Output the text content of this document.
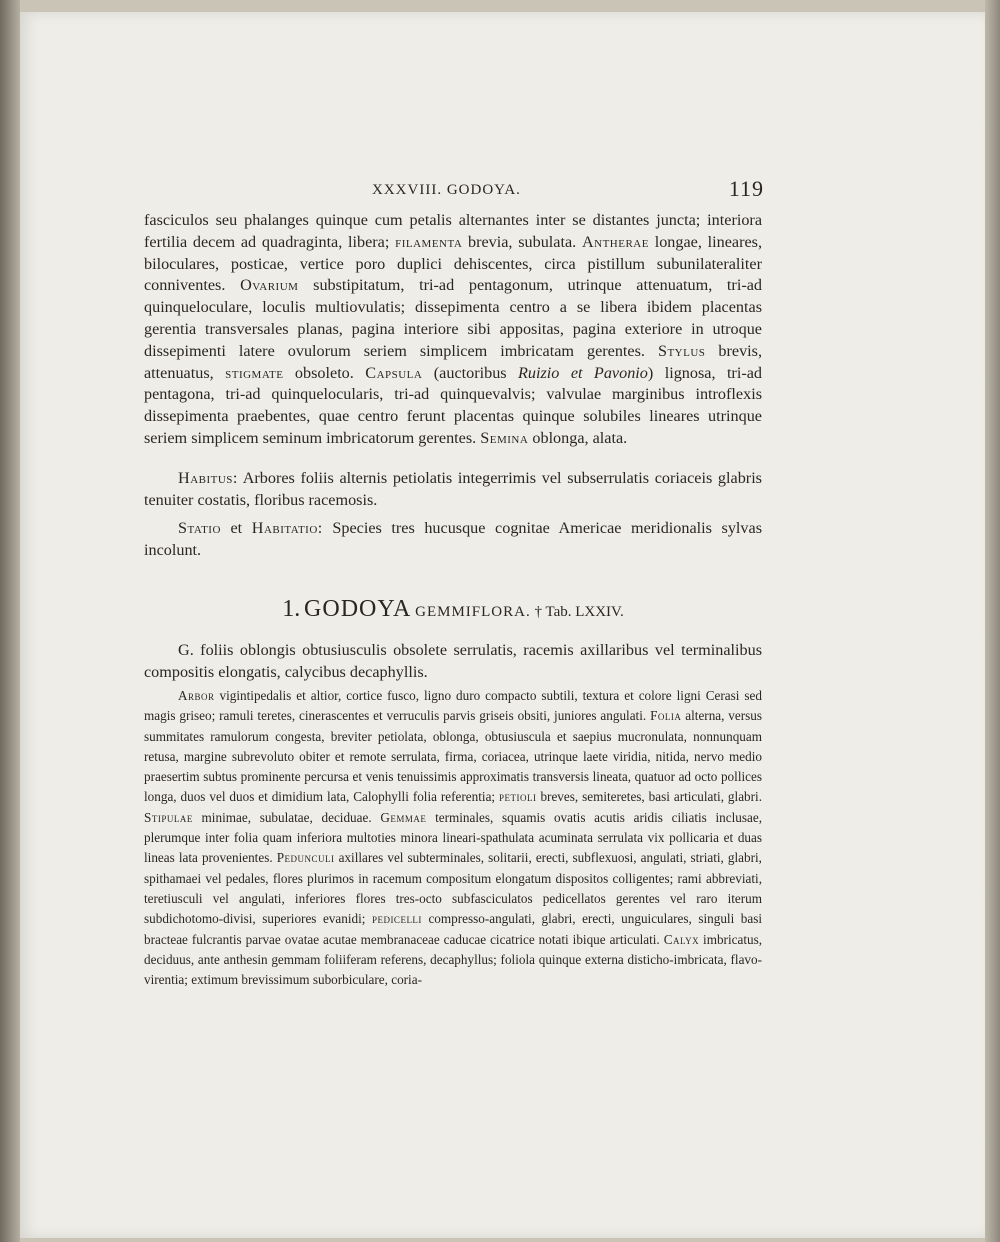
XXXVIII. GODOYA.	119
fasciculos seu phalanges quinque cum petalis alternantes inter se distantes juncta; interiora fertilia decem ad quadraginta, libera; filamenta brevia, subulata. Antherae longae, lineares, biloculares, posticae, vertice poro duplici dehiscentes, circa pistillum subunilateraliter conniventes. Ovarium substipitatum, tri-ad pentagonum, utrinque attenuatum, tri-ad quinqueloculare, loculis multiovulatis; dissepimenta centro a se libera ibidem placentas gerentia transversales planas, pagina interiore sibi appositas, pagina exteriore in utroque dissepimenti latere ovulorum seriem simplicem imbricatam gerentes. Stylus brevis, attenuatus, stigmate obsoleto. Capsula (auctoribus Ruizio et Pavonio) lignosa, tri-ad pentagona, tri-ad quinquelocularis, tri-ad quinquevalvis; valvulae marginibus introflexis dissepimenta praebentes, quae centro ferunt placentas quinque solubiles lineares utrinque seriem simplicem seminum imbricatorum gerentes. Semina oblonga, alata.
Habitus: Arbores foliis alternis petiolatis integerrimis vel subserrulatis coriaceis glabris tenuiter costatis, floribus racemosis.
Statio et Habitatio: Species tres hucusque cognitae Americae meridionalis sylvas incolunt.
1. GODOYA GEMMIFLORA. † Tab. LXXIV.
G. foliis oblongis obtusiusculis obsolete serrulatis, racemis axillaribus vel terminalibus compositis elongatis, calycibus decaphyllis.
Arbor vigintipedalis et altior, cortice fusco, ligno duro compacto subtili, textura et colore ligni Cerasi sed magis griseo; ramuli teretes, cinerascentes et verruculis parvis griseis obsiti, juniores angulati. Folia alterna, versus summitates ramulorum congesta, breviter petiolata, oblonga, obtusiuscula et saepius mucronulata, nonnunquam retusa, margine subrevoluto obiter et remote serrulata, firma, coriacea, utrinque laete viridia, nitida, nervo medio praesertim subtus prominente percursa et venis tenuissimis approximatis transversis lineata, quatuor ad octo pollices longa, duos vel duos et dimidium lata, Calophylli folia referentia; petioli breves, semiteretes, basi articulati, glabri. Stipulae minimae, subulatae, deciduae. Gemmae terminales, squamis ovatis acutis aridis ciliatis inclusae, plerumque inter folia quam inferiora multoties minora lineari-spathulata acuminata serrulata vix pollicaria et duas lineas lata provenientes. Pedunculi axillares vel subterminales, solitarii, erecti, subflexuosi, angulati, striati, glabri, spithamaei vel pedales, flores plurimos in racemum compositum elongatum dispositos colligentes; rami abbreviati, teretiusculi vel angulati, inferiores flores tres-octo subfasciculatos pedicellatos gerentes vel raro iterum subdichotomo-divisi, superiores evanidi; pedicelli compresso-angulati, glabri, erecti, unguiculares, singuli basi bracteae fulcrantis parvae ovatae acutae membranaceae caducae cicatrice notati ibique articulati. Calyx imbricatus, deciduus, ante anthesin gemmam foliiferam referens, decaphyllus; foliola quinque externa disticho-imbricata, flavo-virentia; extimum brevissimum suborbiculare, coria-
